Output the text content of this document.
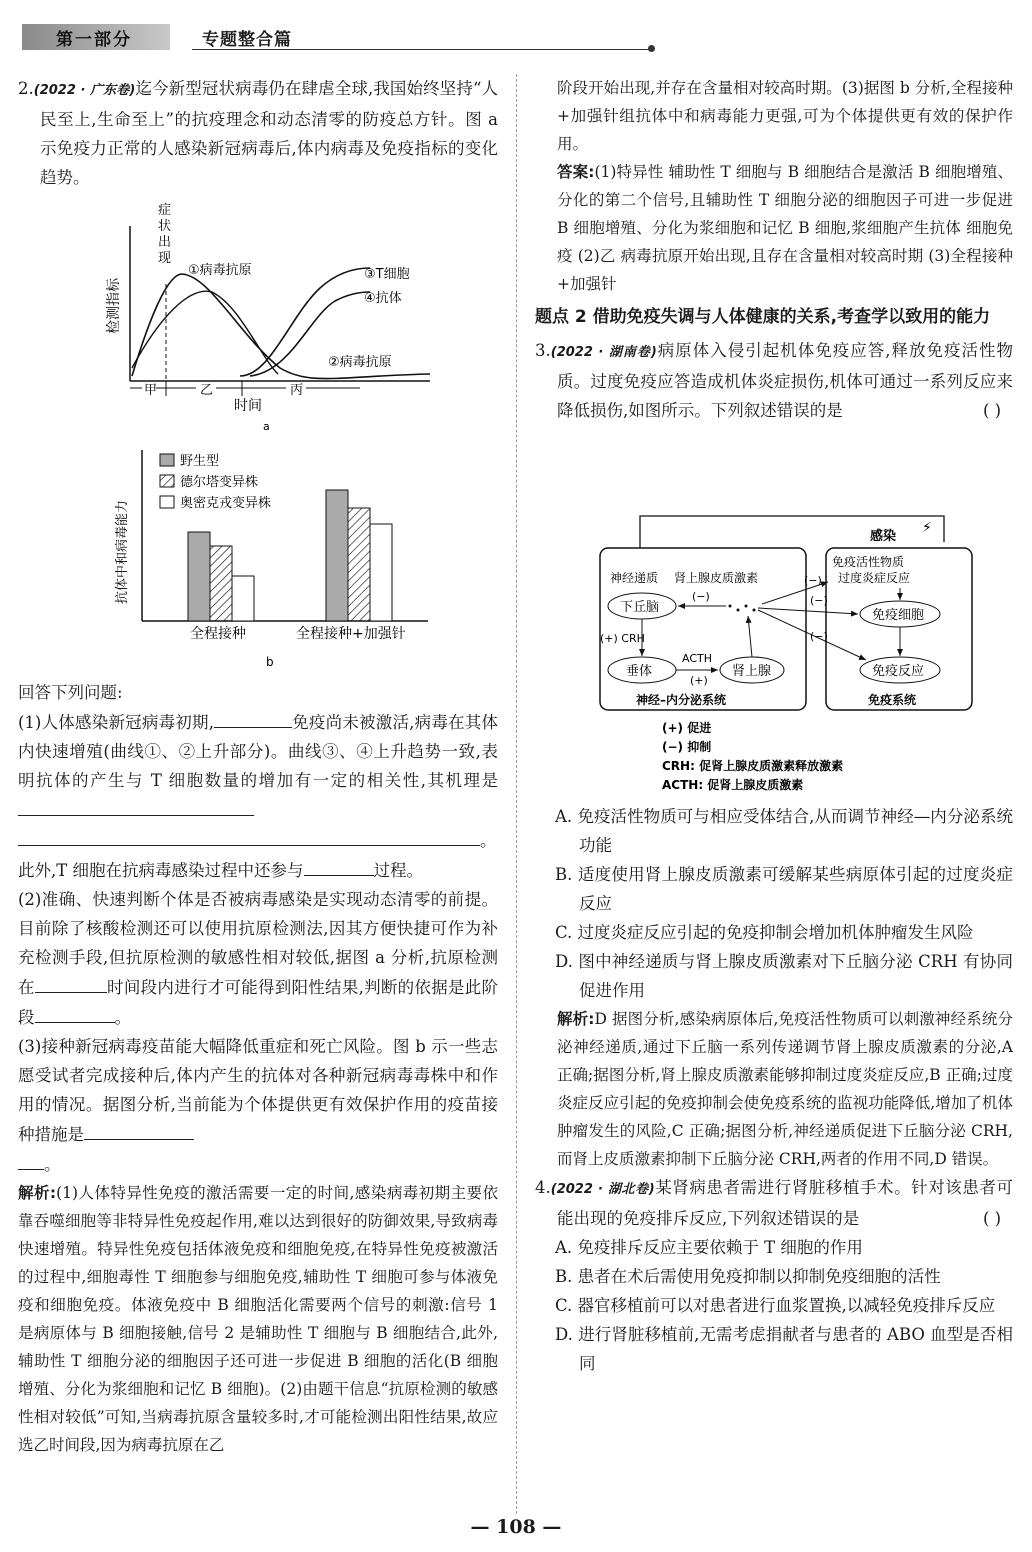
第一部分	▶ 专题整合篇

2.(2022 · 广东卷)迄今新型冠状病毒仍在肆虐全球,我国始终坚持“人民至上,生命至上”的抗疫理念和动态清零的防疫总方针。图 a 示免疫力正常的人感染新冠病毒后,体内病毒及免疫指标的变化趋势。

检测指标
症
状
出
现
①病毒抗原	③T细胞
④抗体
②病毒抗原
甲	乙	丙
时间
a
抗体中和病毒能力
野生型
德尔塔变异株
奥密克戎变异株
全程接种	全程接种+加强针
b

回答下列问题:

(1)人体感染新冠病毒初期,	免疫尚未被激活,病毒在其体内快速增殖(曲线①、②上升部分)。曲线③、④上升趋势一致,表明抗体的产生与 T 细胞数量的增加有一定的相关性,其机理是
。

此外,T 细胞在抗病毒感染过程中还参与	过程。

(2)准确、快速判断个体是否被病毒感染是实现动态清零的前提。目前除了核酸检测还可以使用抗原检测法,因其方便快捷可作为补充检测手段,但抗原检测的敏感性相对较低,据图 a 分析,抗原检测在	时间段内进行才可能得到阳性结果,判断的依据是此阶段	。

(3)接种新冠病毒疫苗能大幅降低重症和死亡风险。图 b 示一些志愿受试者完成接种后,体内产生的抗体对各种新冠病毒毒株中和作用的情况。据图分析,当前能为个体提供更有效保护作用的疫苗接种措施是
。

解析:(1)人体特异性免疫的激活需要一定的时间,感染病毒初期主要依靠吞噬细胞等非特异性免疫起作用,难以达到很好的防御效果,导致病毒快速增殖。特异性免疫包括体液免疫和细胞免疫,在特异性免疫被激活的过程中,细胞毒性 T 细胞参与细胞免疫,辅助性 T 细胞可参与体液免疫和细胞免疫。体液免疫中 B 细胞活化需要两个信号的刺激:信号 1 是病原体与 B 细胞接触,信号 2 是辅助性 T 细胞与 B 细胞结合,此外,辅助性 T 细胞分泌的细胞因子还可进一步促进 B 细胞的活化(B 细胞增殖、分化为浆细胞和记忆 B 细胞)。(2)由题干信息“抗原检测的敏感性相对较低”可知,当病毒抗原含量较多时,才可能检测出阳性结果,故应选乙时间段,因为病毒抗原在乙

阶段开始出现,并存在含量相对较高时期。(3)据图 b 分析,全程接种+加强针组抗体中和病毒能力更强,可为个体提供更有效的保护作用。

答案:(1)特异性 辅助性 T 细胞与 B 细胞结合是激活 B 细胞增殖、分化的第二个信号,且辅助性 T 细胞分泌的细胞因子可进一步促进 B 细胞增殖、分化为浆细胞和记忆 B 细胞,浆细胞产生抗体 细胞免疫 (2)乙 病毒抗原开始出现,且存在含量相对较高时期 (3)全程接种+加强针

题点 2 借助免疫失调与人体健康的关系,考查学以致用的能力

3.(2022 · 湖南卷)病原体入侵引起机体免疫应答,释放免疫活性物质。过度免疫应答造成机体炎症损伤,机体可通过一系列反应来降低损伤,如图所示。下列叙述错误的是	( )

感染
⚡
免疫活性物质
过度炎症反应
神经递质 肾上腺皮质激素
下丘脑
垂体	肾上腺
免疫细胞
免疫反应
(+) CRH
ACTH
(+)
(−)	(−)
(−)
(−)
神经–内分泌系统	免疫系统
(+) 促进
(−) 抑制
CRH: 促肾上腺皮质激素释放激素
ACTH: 促肾上腺皮质激素

A. 免疫活性物质可与相应受体结合,从而调节神经—内分泌系统功能

B. 适度使用肾上腺皮质激素可缓解某些病原体引起的过度炎症反应

C. 过度炎症反应引起的免疫抑制会增加机体肿瘤发生风险

D. 图中神经递质与肾上腺皮质激素对下丘脑分泌 CRH 有协同促进作用

解析:D 据图分析,感染病原体后,免疫活性物质可以刺激神经系统分泌神经递质,通过下丘脑一系列传递调节肾上腺皮质激素的分泌,A 正确;据图分析,肾上腺皮质激素能够抑制过度炎症反应,B 正确;过度炎症反应引起的免疫抑制会使免疫系统的监视功能降低,增加了机体肿瘤发生的风险,C 正确;据图分析,神经递质促进下丘脑分泌 CRH,而肾上皮质激素抑制下丘脑分泌 CRH,两者的作用不同,D 错误。

4.(2022 · 湖北卷)某肾病患者需进行肾脏移植手术。针对该患者可能出现的免疫排斥反应,下列叙述错误的是	( )

A. 免疫排斥反应主要依赖于 T 细胞的作用

B. 患者在术后需使用免疫抑制以抑制免疫细胞的活性

C. 器官移植前可以对患者进行血浆置换,以减轻免疫排斥反应

D. 进行肾脏移植前,无需考虑捐献者与患者的 ABO 血型是否相同

— 108 —
